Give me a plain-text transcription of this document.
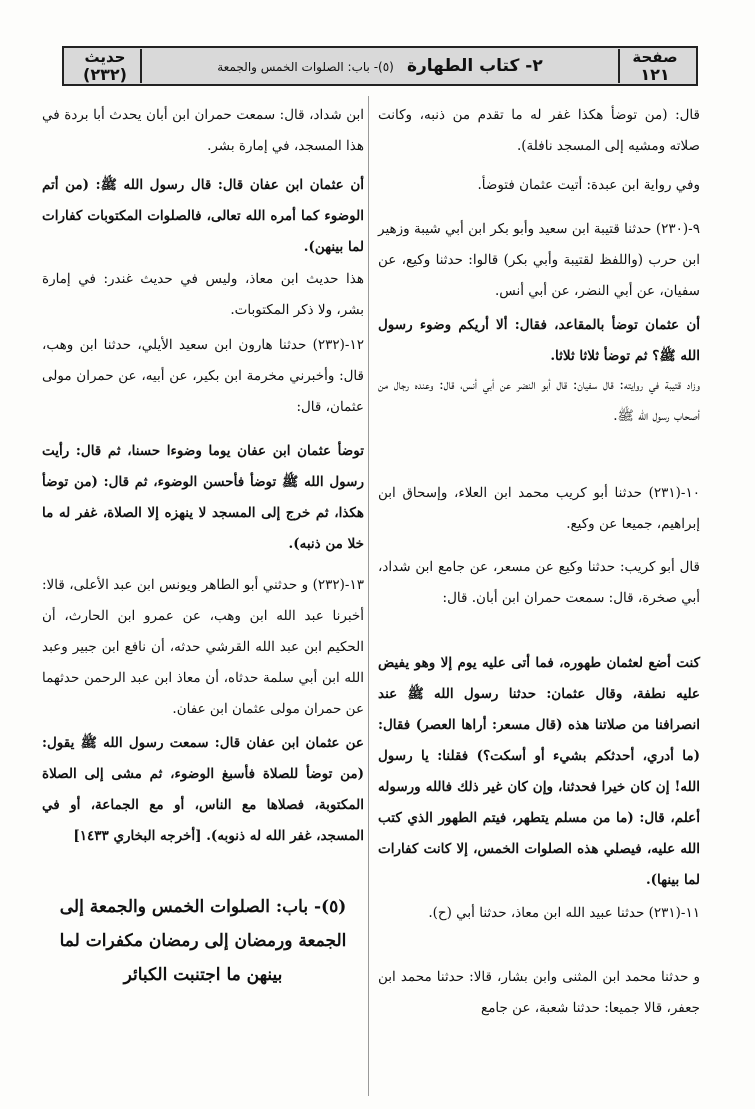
صفحة
١٢١
٢- كتاب الطهارة (٥)- باب: الصلوات الخمس والجمعة
حديث
(٢٣٢)
قال: (من توضأ هكذا غفر له ما تقدم من ذنبه، وكانت صلاته ومشيه إلى المسجد نافلة).
وفي رواية ابن عبدة: أتيت عثمان فتوضأ.
٩-(٢٣٠) حدثنا قتيبة ابن سعيد وأبو بكر ابن أبي شيبة وزهير ابن حرب (واللفظ لقتيبة وأبي بكر) قالوا: حدثنا وكيع، عن سفيان، عن أبي النضر، عن أبي أنس.
أن عثمان توضأ بالمقاعد، فقال: ألا أريكم وضوء رسول الله ﷺ؟ ثم توضأ ثلاثا ثلاثا.
وزاد قتيبة في روايته: قال سفيان: قال أبو النضر عن أبي أنس، قال: وعنده رجال من أصحاب رسول الله ﷺ.
١٠-(٢٣١) حدثنا أبو كريب محمد ابن العلاء، وإسحاق ابن إبراهيم، جميعا عن وكيع.
قال أبو كريب: حدثنا وكيع عن مسعر، عن جامع ابن شداد، أبي صخرة، قال: سمعت حمران ابن أبان. قال:
كنت أضع لعثمان طهوره، فما أتى عليه يوم إلا وهو يفيض عليه نطفة، وقال عثمان: حدثنا رسول الله ﷺ عند انصرافنا من صلاتنا هذه (قال مسعر: أراها العصر) فقال: (ما أدري، أحدثكم بشيء أو أسكت؟) فقلنا: يا رسول الله! إن كان خيرا فحدثنا، وإن كان غير ذلك فالله ورسوله أعلم، قال: (ما من مسلم يتطهر، فيتم الطهور الذي كتب الله عليه، فيصلي هذه الصلوات الخمس، إلا كانت كفارات لما بينها).
١١-(٢٣١) حدثنا عبيد الله ابن معاذ، حدثنا أبي (ح).
و حدثنا محمد ابن المثنى وابن بشار، قالا: حدثنا محمد ابن جعفر، قالا جميعا: حدثنا شعبة، عن جامع
ابن شداد، قال: سمعت حمران ابن أبان يحدث أبا بردة في هذا المسجد، في إمارة بشر.
أن عثمان ابن عفان قال: قال رسول الله ﷺ: (من أتم الوضوء كما أمره الله تعالى، فالصلوات المكتوبات كفارات لما بينهن).
هذا حديث ابن معاذ، وليس في حديث غندر: في إمارة بشر، ولا ذكر المكتوبات.
١٢-(٢٣٢) حدثنا هارون ابن سعيد الأيلي، حدثنا ابن وهب، قال: وأخبرني مخرمة ابن بكير، عن أبيه، عن حمران مولى عثمان، قال:
توضأ عثمان ابن عفان يوما وضوءا حسنا، ثم قال: رأيت رسول الله ﷺ توضأ فأحسن الوضوء، ثم قال: (من توضأ هكذا، ثم خرج إلى المسجد لا ينهزه إلا الصلاة، غفر له ما خلا من ذنبه).
١٣-(٢٣٢) و حدثني أبو الطاهر ويونس ابن عبد الأعلى، قالا: أخبرنا عبد الله ابن وهب، عن عمرو ابن الحارث، أن الحكيم ابن عبد الله القرشي حدثه، أن نافع ابن جبير وعبد الله ابن أبي سلمة حدثاه، أن معاذ ابن عبد الرحمن حدثهما عن حمران مولى عثمان ابن عفان.
عن عثمان ابن عفان قال: سمعت رسول الله ﷺ يقول: (من توضأ للصلاة فأسبغ الوضوء، ثم مشى إلى الصلاة المكتوبة، فصلاها مع الناس، أو مع الجماعة، أو في المسجد، غفر الله له ذنوبه). [أخرجه البخاري ١٤٣٣]
(٥)- باب: الصلوات الخمس والجمعة إلى الجمعة ورمضان إلى رمضان مكفرات لما بينهن ما اجتنبت الكبائر
